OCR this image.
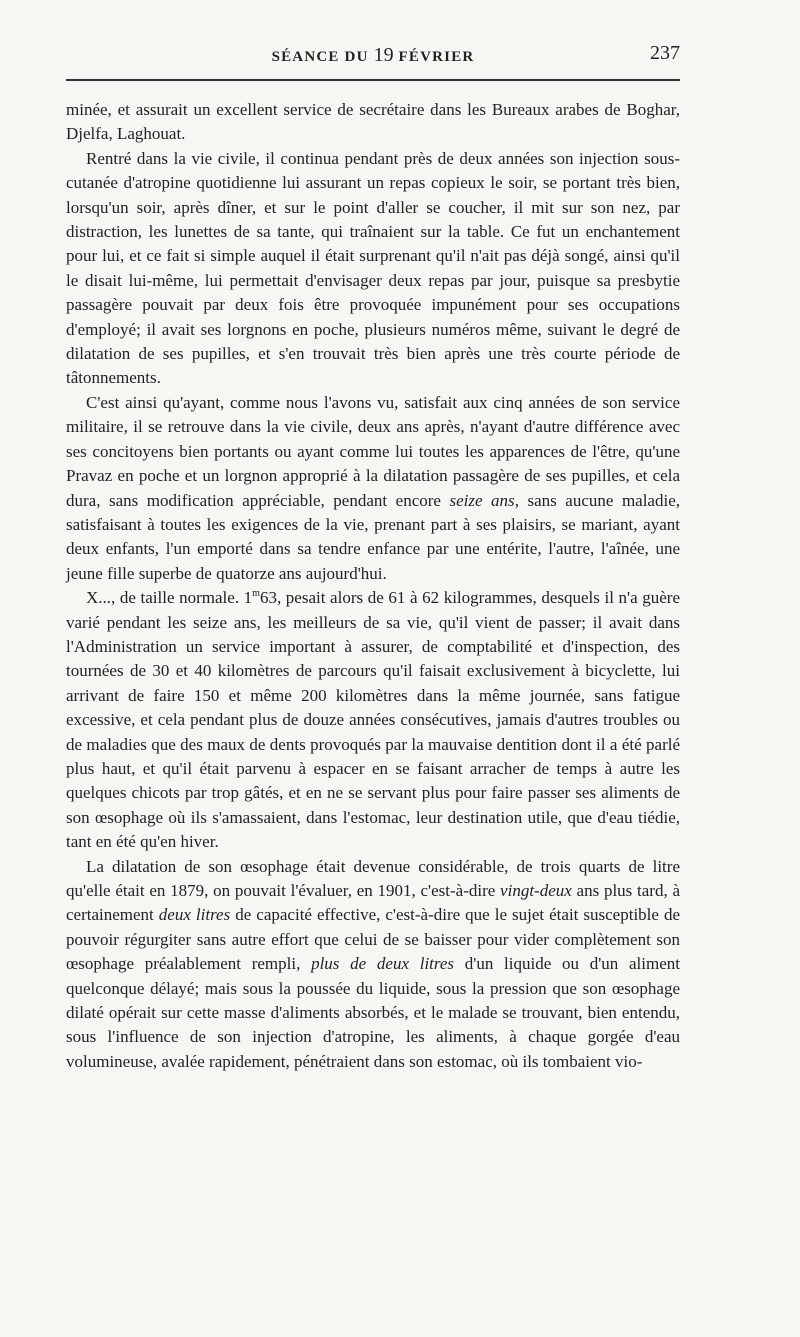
SÉANCE DU 19 FÉVRIER	237

minée, et assurait un excellent service de secrétaire dans les Bureaux arabes de Boghar, Djelfa, Laghouat.

Rentré dans la vie civile, il continua pendant près de deux années son injection sous-cutanée d'atropine quotidienne lui assurant un repas copieux le soir, se portant très bien, lorsqu'un soir, après dîner, et sur le point d'aller se coucher, il mit sur son nez, par distraction, les lunettes de sa tante, qui traînaient sur la table. Ce fut un enchantement pour lui, et ce fait si simple auquel il était surprenant qu'il n'ait pas déjà songé, ainsi qu'il le disait lui-même, lui permettait d'envisager deux repas par jour, puisque sa presbytie passagère pouvait par deux fois être provoquée impunément pour ses occupations d'employé; il avait ses lorgnons en poche, plusieurs numéros même, suivant le degré de dilatation de ses pupilles, et s'en trouvait très bien après une très courte période de tâtonnements.

C'est ainsi qu'ayant, comme nous l'avons vu, satisfait aux cinq années de son service militaire, il se retrouve dans la vie civile, deux ans après, n'ayant d'autre différence avec ses concitoyens bien portants ou ayant comme lui toutes les apparences de l'être, qu'une Pravaz en poche et un lorgnon approprié à la dilatation passagère de ses pupilles, et cela dura, sans modification appréciable, pendant encore seize ans, sans aucune maladie, satisfaisant à toutes les exigences de la vie, prenant part à ses plaisirs, se mariant, ayant deux enfants, l'un emporté dans sa tendre enfance par une entérite, l'autre, l'aînée, une jeune fille superbe de quatorze ans aujourd'hui.

X..., de taille normale. 1$^m$63, pesait alors de 61 à 62 kilogrammes, desquels il n'a guère varié pendant les seize ans, les meilleurs de sa vie, qu'il vient de passer; il avait dans l'Administration un service important à assurer, de comptabilité et d'inspection, des tournées de 30 et 40 kilomètres de parcours qu'il faisait exclusivement à bicyclette, lui arrivant de faire 150 et même 200 kilomètres dans la même journée, sans fatigue excessive, et cela pendant plus de douze années consécutives, jamais d'autres troubles ou de maladies que des maux de dents provoqués par la mauvaise dentition dont il a été parlé plus haut, et qu'il était parvenu à espacer en se faisant arracher de temps à autre les quelques chicots par trop gâtés, et en ne se servant plus pour faire passer ses aliments de son œsophage où ils s'amassaient, dans l'estomac, leur destination utile, que d'eau tiédie, tant en été qu'en hiver.

La dilatation de son œsophage était devenue considérable, de trois quarts de litre qu'elle était en 1879, on pouvait l'évaluer, en 1901, c'est-à-dire vingt-deux ans plus tard, à certainement deux litres de capacité effective, c'est-à-dire que le sujet était susceptible de pouvoir régurgiter sans autre effort que celui de se baisser pour vider complètement son œsophage préalablement rempli, plus de deux litres d'un liquide ou d'un aliment quelconque délayé; mais sous la poussée du liquide, sous la pression que son œsophage dilaté opérait sur cette masse d'aliments absorbés, et le malade se trouvant, bien entendu, sous l'influence de son injection d'atropine, les aliments, à chaque gorgée d'eau volumineuse, avalée rapidement, pénétraient dans son estomac, où ils tombaient vio-
